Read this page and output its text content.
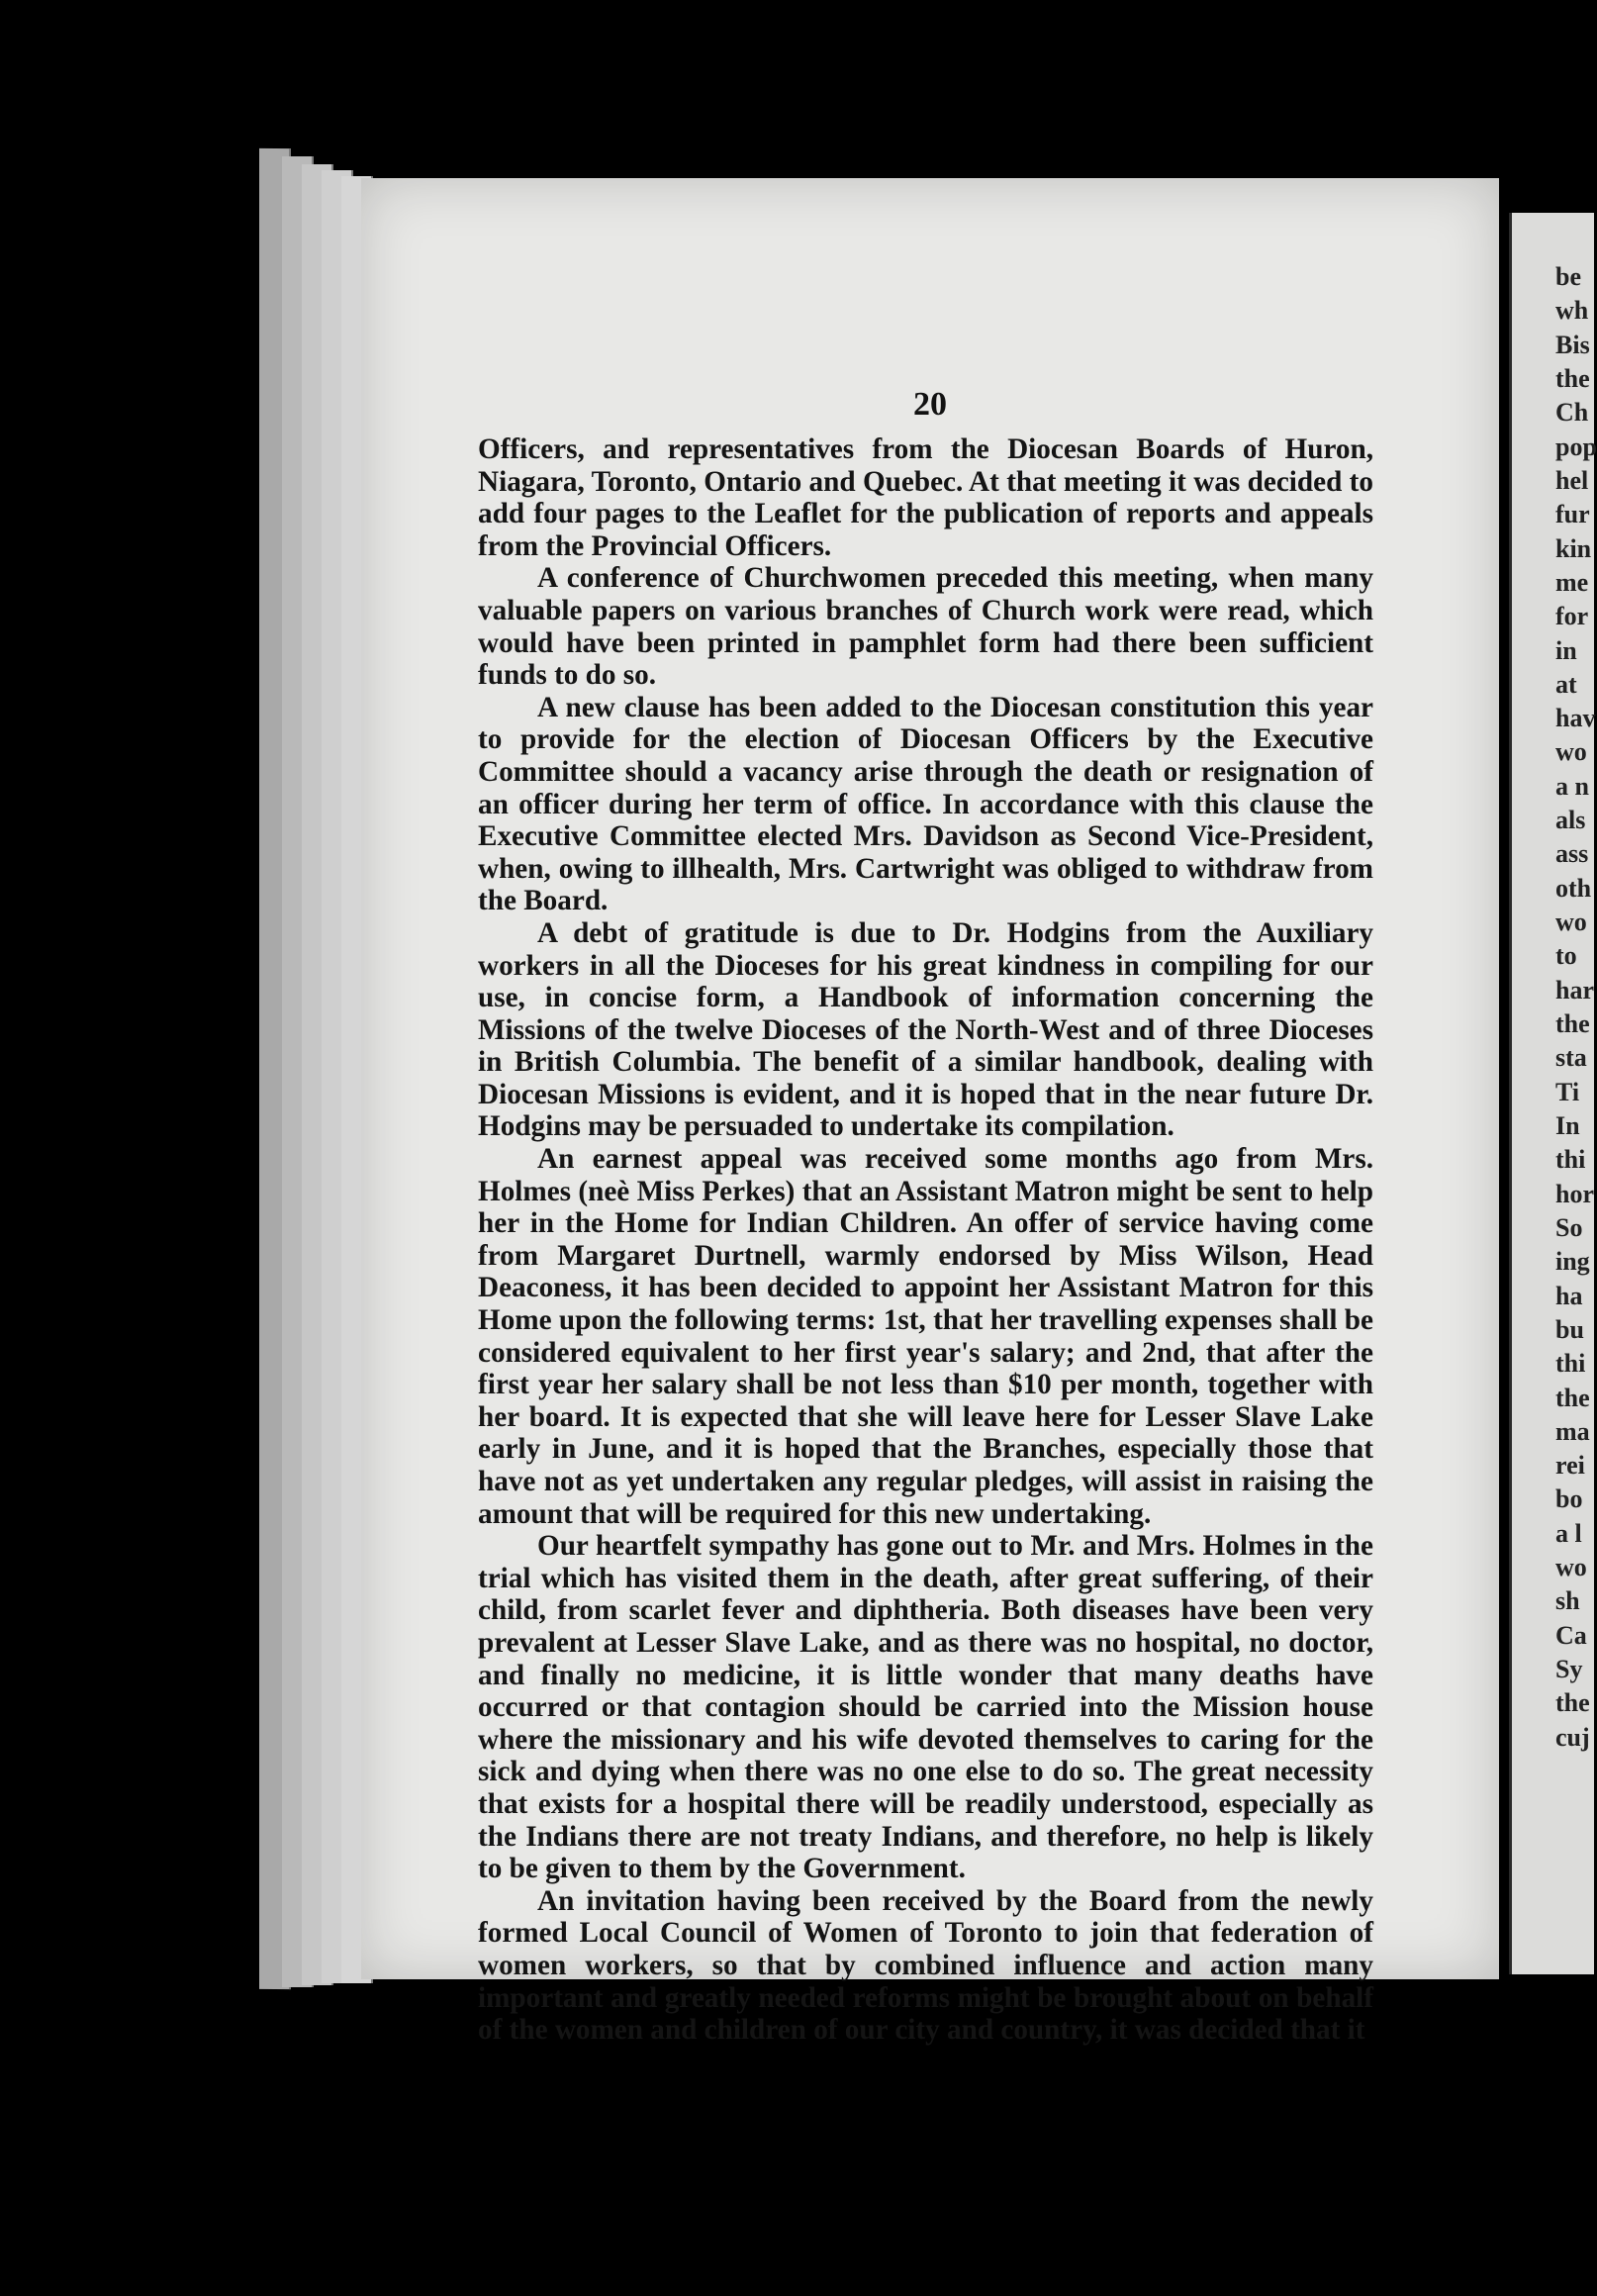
20

Officers, and representatives from the Diocesan Boards of Huron, Niagara, Toronto, Ontario and Quebec. At that meeting it was decided to add four pages to the Leaflet for the publication of reports and appeals from the Provincial Officers.

A conference of Churchwomen preceded this meeting, when many valuable papers on various branches of Church work were read, which would have been printed in pamphlet form had there been sufficient funds to do so.

A new clause has been added to the Diocesan constitution this year to provide for the election of Diocesan Officers by the Executive Committee should a vacancy arise through the death or resignation of an officer during her term of office. In accordance with this clause the Executive Committee elected Mrs. Davidson as Second Vice-President, when, owing to illhealth, Mrs. Cartwright was obliged to withdraw from the Board.

A debt of gratitude is due to Dr. Hodgins from the Auxiliary workers in all the Dioceses for his great kindness in compiling for our use, in concise form, a Handbook of information concerning the Missions of the twelve Dioceses of the North-West and of three Dioceses in British Columbia. The benefit of a similar handbook, dealing with Diocesan Missions is evident, and it is hoped that in the near future Dr. Hodgins may be persuaded to undertake its compilation.

An earnest appeal was received some months ago from Mrs. Holmes (neè Miss Perkes) that an Assistant Matron might be sent to help her in the Home for Indian Children. An offer of service having come from Margaret Durtnell, warmly endorsed by Miss Wilson, Head Deaconess, it has been decided to appoint her Assistant Matron for this Home upon the following terms: 1st, that her travelling expenses shall be considered equivalent to her first year's salary; and 2nd, that after the first year her salary shall be not less than $10 per month, together with her board. It is expected that she will leave here for Lesser Slave Lake early in June, and it is hoped that the Branches, especially those that have not as yet undertaken any regular pledges, will assist in raising the amount that will be required for this new undertaking.

Our heartfelt sympathy has gone out to Mr. and Mrs. Holmes in the trial which has visited them in the death, after great suffering, of their child, from scarlet fever and diphtheria. Both diseases have been very prevalent at Lesser Slave Lake, and as there was no hospital, no doctor, and finally no medicine, it is little wonder that many deaths have occurred or that contagion should be carried into the Mission house where the missionary and his wife devoted themselves to caring for the sick and dying when there was no one else to do so. The great necessity that exists for a hospital there will be readily understood, especially as the Indians there are not treaty Indians, and therefore, no help is likely to be given to them by the Government.

An invitation having been received by the Board from the newly formed Local Council of Women of Toronto to join that federation of women workers, so that by combined influence and action many important and greatly needed reforms might be brought about on behalf of the women and children of our city and country, it was decided that it

be
wh
Bis
the
Ch
pop
hel
fur
kin
me
for
in
at
hav
wo
a n
als
ass
oth
wo
to
har
the
sta
Ti
In
thi
hor
So
ing
ha
bu
thi
the
ma
rei
bo
a l
wo
sh
Ca
Sy
the
cuj
